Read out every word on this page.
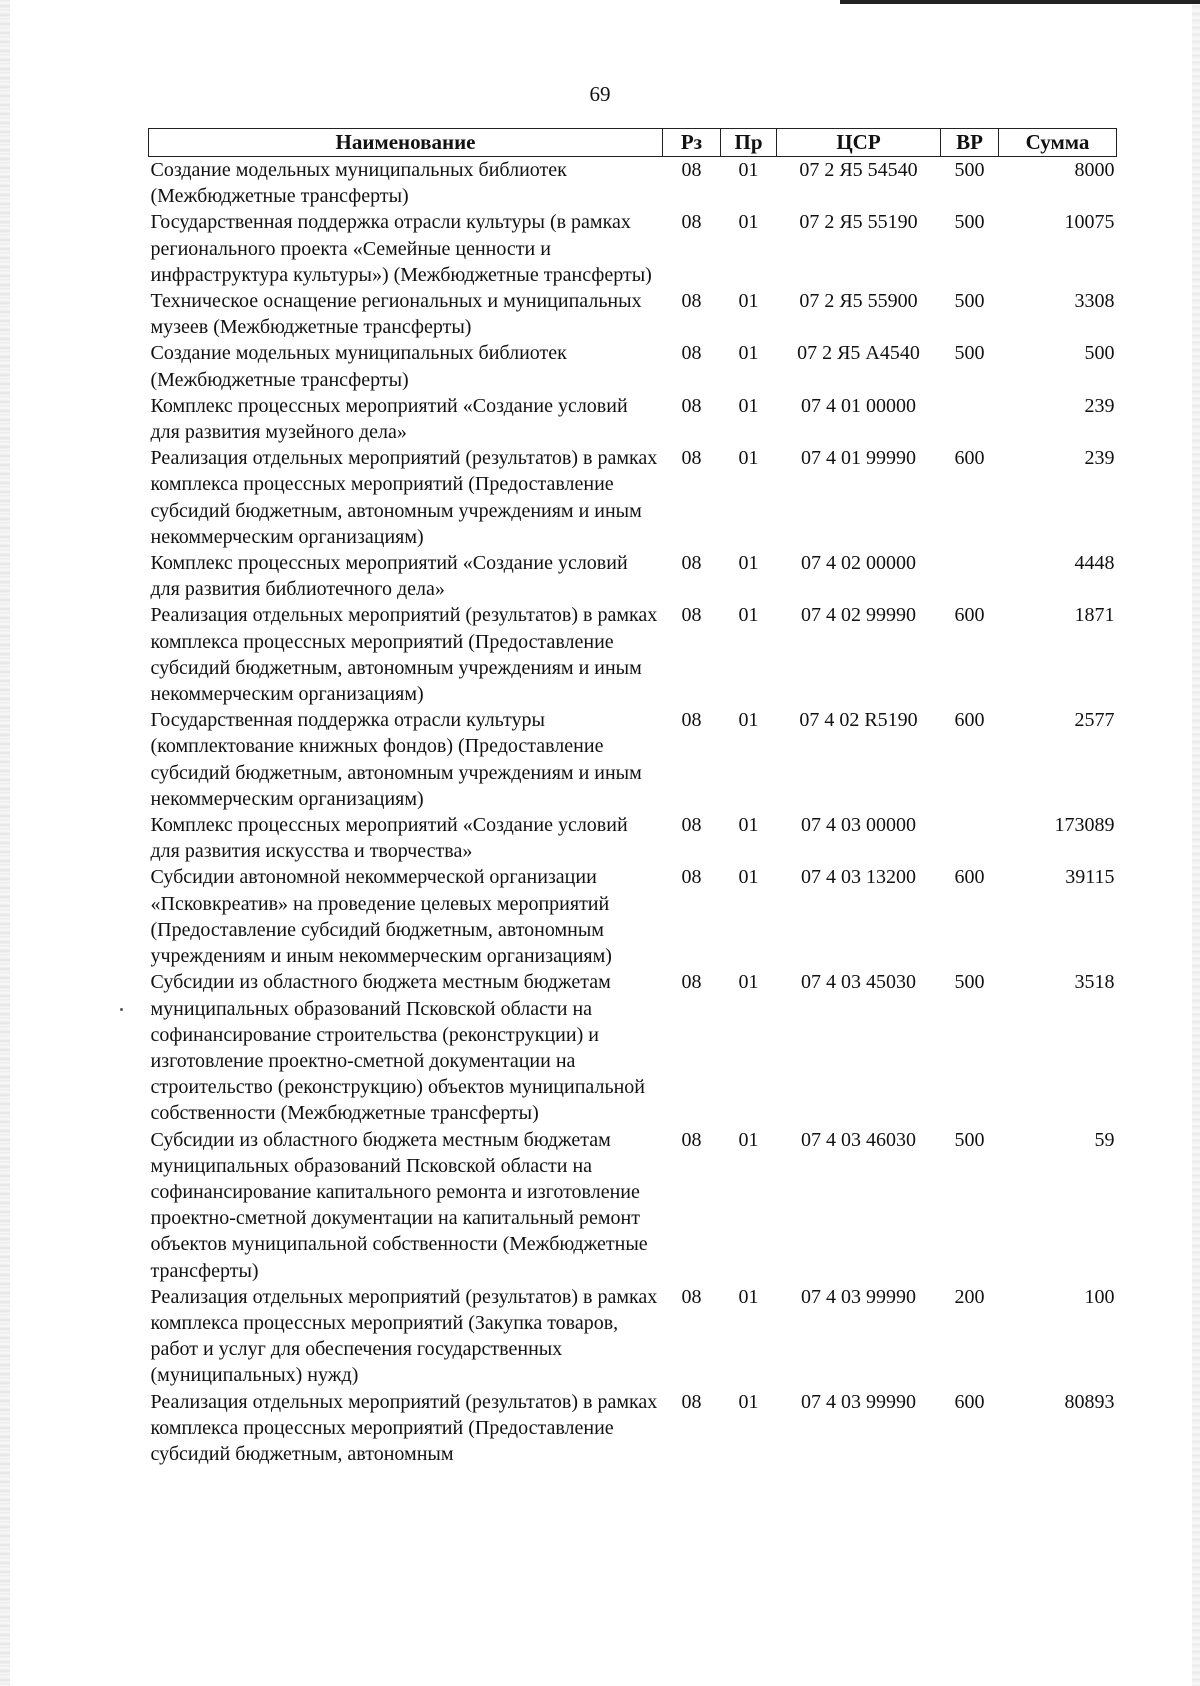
69
Наименование	Рз	Пр	ЦСР	ВР	Сумма
Создание модельных муниципальных библиотек (Межбюджетные трансферты)	08	01	07 2 Я5 54540	500	8000
Государственная поддержка отрасли культуры (в рамках регионального проекта «Семейные ценности и инфраструктура культуры») (Межбюджетные трансферты)	08	01	07 2 Я5 55190	500	10075
Техническое оснащение региональных и муниципальных музеев (Межбюджетные трансферты)	08	01	07 2 Я5 55900	500	3308
Создание модельных муниципальных библиотек (Межбюджетные трансферты)	08	01	07 2 Я5 А4540	500	500
Комплекс процессных мероприятий «Создание условий для развития музейного дела»	08	01	07 4 01 00000		239
Реализация отдельных мероприятий (результатов) в рамках комплекса процессных мероприятий (Предоставление субсидий бюджетным, автономным учреждениям и иным некоммерческим организациям)	08	01	07 4 01 99990	600	239
Комплекс процессных мероприятий «Создание условий для развития библиотечного дела»	08	01	07 4 02 00000		4448
Реализация отдельных мероприятий (результатов) в рамках комплекса процессных мероприятий (Предоставление субсидий бюджетным, автономным учреждениям и иным некоммерческим организациям)	08	01	07 4 02 99990	600	1871
Государственная поддержка отрасли культуры (комплектование книжных фондов) (Предоставление субсидий бюджетным, автономным учреждениям и иным некоммерческим организациям)	08	01	07 4 02 R5190	600	2577
Комплекс процессных мероприятий «Создание условий для развития искусства и творчества»	08	01	07 4 03 00000		173089
Субсидии автономной некоммерческой организации «Псковкреатив» на проведение целевых мероприятий (Предоставление субсидий бюджетным, автономным учреждениям и иным некоммерческим организациям)	08	01	07 4 03 13200	600	39115
Субсидии из областного бюджета местным бюджетам муниципальных образований Псковской области на софинансирование строительства (реконструкции) и изготовление проектно-сметной документации на строительство (реконструкцию) объектов муниципальной собственности (Межбюджетные трансферты)	08	01	07 4 03 45030	500	3518
Субсидии из областного бюджета местным бюджетам муниципальных образований Псковской области на софинансирование капитального ремонта и изготовление проектно-сметной документации на капитальный ремонт объектов муниципальной собственности (Межбюджетные трансферты)	08	01	07 4 03 46030	500	59
Реализация отдельных мероприятий (результатов) в рамках комплекса процессных мероприятий (Закупка товаров, работ и услуг для обеспечения государственных (муниципальных) нужд)	08	01	07 4 03 99990	200	100
Реализация отдельных мероприятий (результатов) в рамках комплекса процессных мероприятий (Предоставление субсидий бюджетным, автономным	08	01	07 4 03 99990	600	80893
